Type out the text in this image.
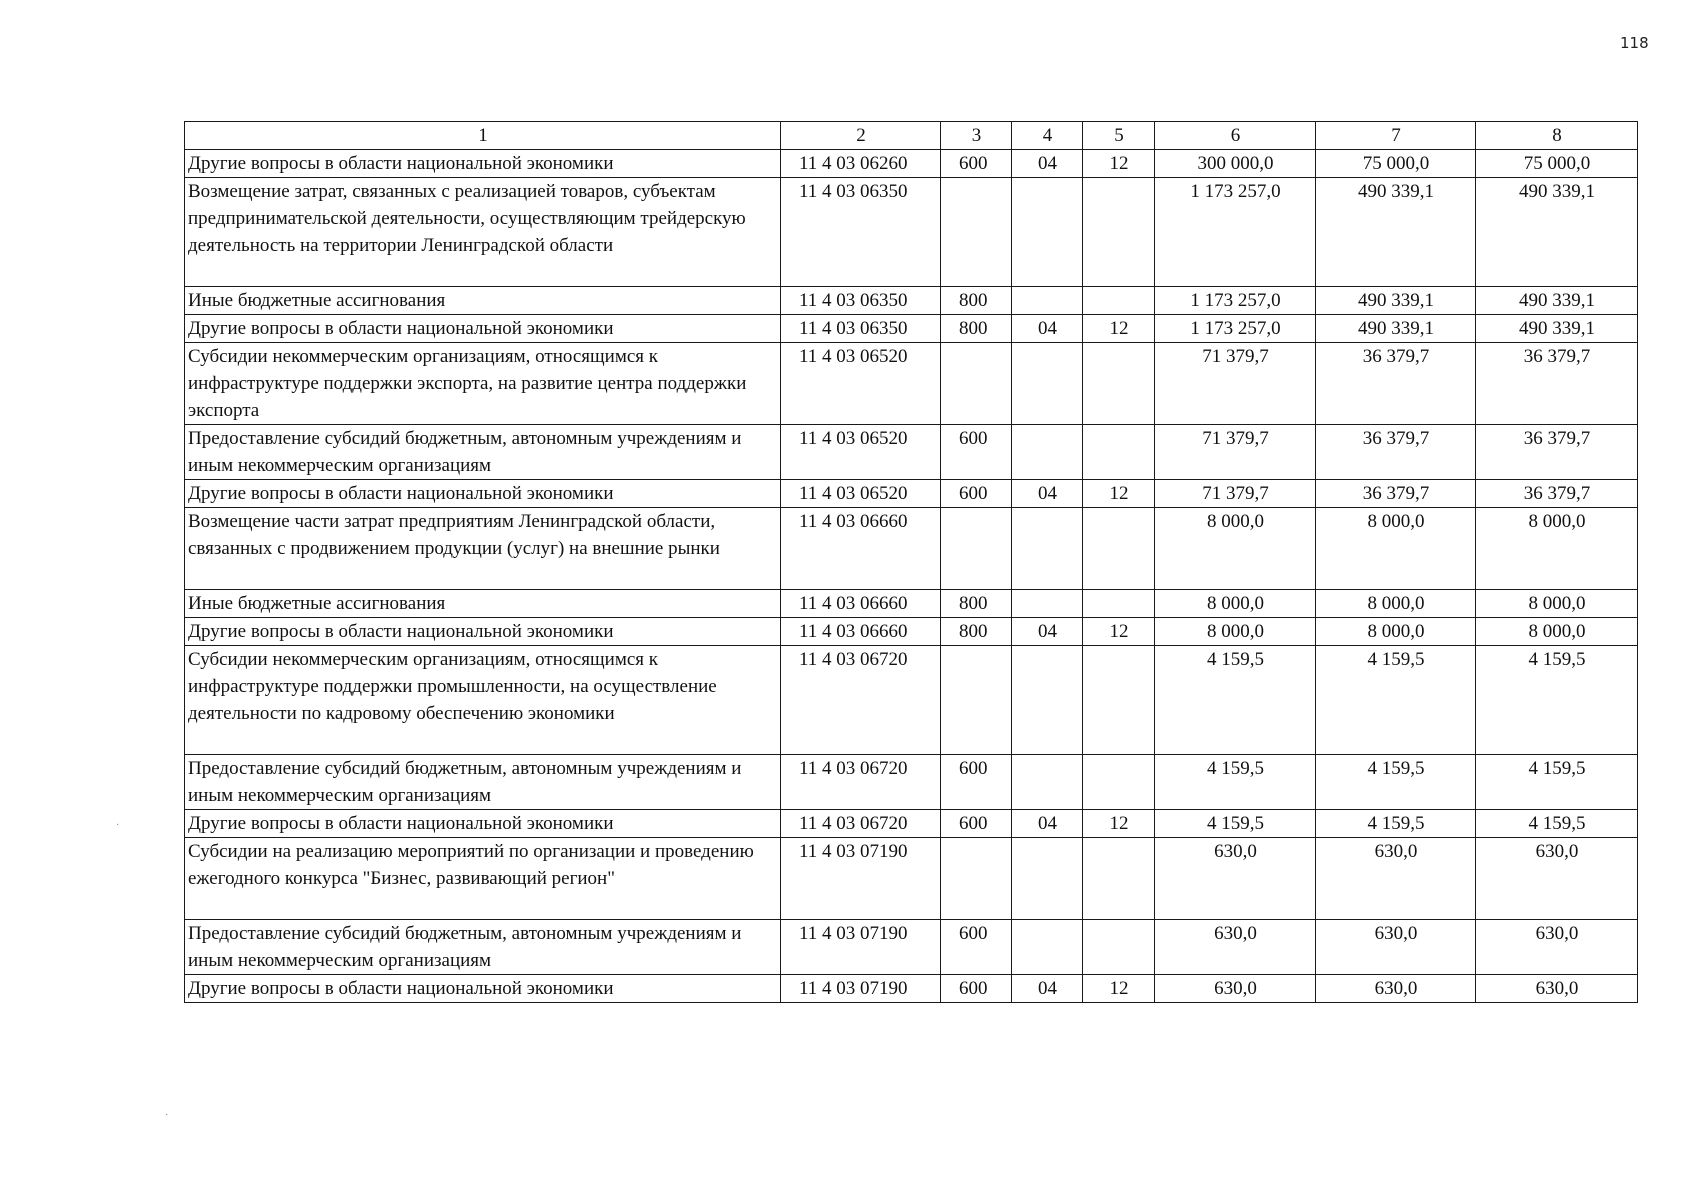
118
1	2	3	4	5	6	7	8
Другие вопросы в области национальной экономики	11 4 03 06260	600	04	12	300 000,0	75 000,0	75 000,0
Возмещение затрат, связанных с реализацией товаров, субъектам предпринимательской деятельности, осуществляющим трейдерскую деятельность на территории Ленинградской области	11 4 03 06350				1 173 257,0	490 339,1	490 339,1
Иные бюджетные ассигнования	11 4 03 06350	800			1 173 257,0	490 339,1	490 339,1
Другие вопросы в области национальной экономики	11 4 03 06350	800	04	12	1 173 257,0	490 339,1	490 339,1
Субсидии некоммерческим организациям, относящимся к инфраструктуре поддержки экспорта, на развитие центра поддержки экспорта	11 4 03 06520				71 379,7	36 379,7	36 379,7
Предоставление субсидий бюджетным, автономным учреждениям и иным некоммерческим организациям	11 4 03 06520	600			71 379,7	36 379,7	36 379,7
Другие вопросы в области национальной экономики	11 4 03 06520	600	04	12	71 379,7	36 379,7	36 379,7
Возмещение части затрат предприятиям Ленинградской области, связанных с продвижением продукции (услуг) на внешние рынки	11 4 03 06660				8 000,0	8 000,0	8 000,0
Иные бюджетные ассигнования	11 4 03 06660	800			8 000,0	8 000,0	8 000,0
Другие вопросы в области национальной экономики	11 4 03 06660	800	04	12	8 000,0	8 000,0	8 000,0
Субсидии некоммерческим организациям, относящимся к инфраструктуре поддержки промышленности, на осуществление деятельности по кадровому обеспечению экономики	11 4 03 06720				4 159,5	4 159,5	4 159,5
Предоставление субсидий бюджетным, автономным учреждениям и иным некоммерческим организациям	11 4 03 06720	600			4 159,5	4 159,5	4 159,5
Другие вопросы в области национальной экономики	11 4 03 06720	600	04	12	4 159,5	4 159,5	4 159,5
Субсидии на реализацию мероприятий по организации и проведению ежегодного конкурса "Бизнес, развивающий регион"	11 4 03 07190				630,0	630,0	630,0
Предоставление субсидий бюджетным, автономным учреждениям и иным некоммерческим организациям	11 4 03 07190	600			630,0	630,0	630,0
Другие вопросы в области национальной экономики	11 4 03 07190	600	04	12	630,0	630,0	630,0
·
·
